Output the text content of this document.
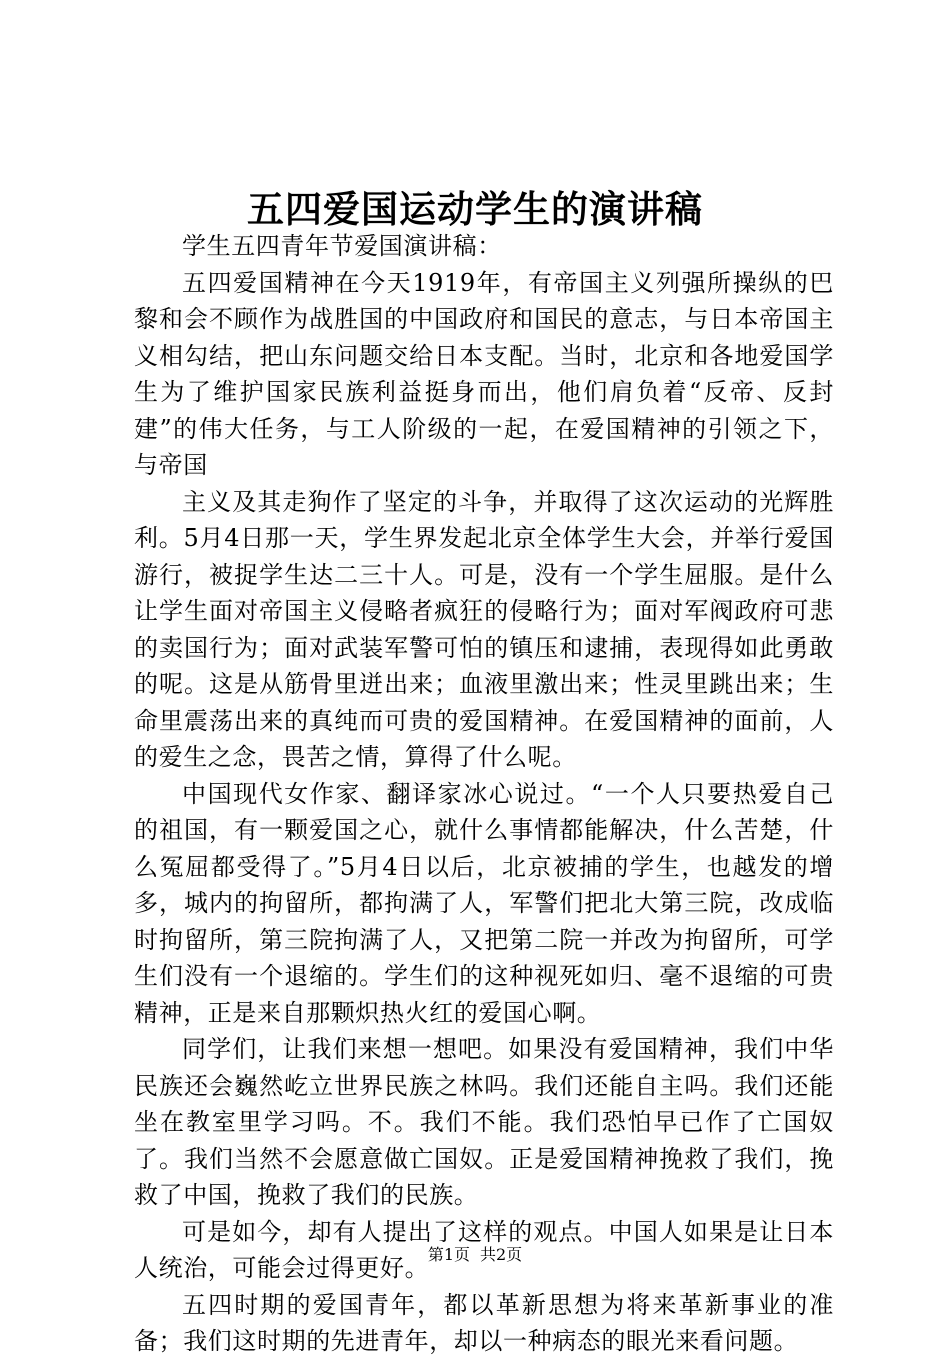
五四爱国运动学生的演讲稿

学生五四青年节爱国演讲稿：

五四爱国精神在今天1919年，有帝国主义列强所操纵的巴黎和会不顾作为战胜国的中国政府和国民的意志，与日本帝国主义相勾结，把山东问题交给日本支配。当时，北京和各地爱国学生为了维护国家民族利益挺身而出，他们肩负着“反帝、反封建”的伟大任务，与工人阶级的一起，在爱国精神的引领之下，与帝国

主义及其走狗作了坚定的斗争，并取得了这次运动的光辉胜利。5月4日那一天，学生界发起北京全体学生大会，并举行爱国游行，被捉学生达二三十人。可是，没有一个学生屈服。是什么让学生面对帝国主义侵略者疯狂的侵略行为；面对军阀政府可悲的卖国行为；面对武装军警可怕的镇压和逮捕，表现得如此勇敢的呢。这是从筋骨里迸出来；血液里激出来；性灵里跳出来；生命里震荡出来的真纯而可贵的爱国精神。在爱国精神的面前，人的爱生之念，畏苦之情，算得了什么呢。

中国现代女作家、翻译家冰心说过。“一个人只要热爱自己的祖国，有一颗爱国之心，就什么事情都能解决，什么苦楚，什么冤屈都受得了。”5月4日以后，北京被捕的学生，也越发的增多，城内的拘留所，都拘满了人，军警们把北大第三院，改成临时拘留所，第三院拘满了人，又把第二院一并改为拘留所，可学生们没有一个退缩的。学生们的这种视死如归、毫不退缩的可贵精神，正是来自那颗炽热火红的爱国心啊。

同学们，让我们来想一想吧。如果没有爱国精神，我们中华民族还会巍然屹立世界民族之林吗。我们还能自主吗。我们还能坐在教室里学习吗。不。我们不能。我们恐怕早已作了亡国奴了。我们当然不会愿意做亡国奴。正是爱国精神挽救了我们，挽救了中国，挽救了我们的民族。

可是如今，却有人提出了这样的观点。中国人如果是让日本人统治，可能会过得更好。

五四时期的爱国青年，都以革新思想为将来革新事业的准备；我们这时期的先进青年，却以一种病态的眼光来看问题。

第1页 共2页
